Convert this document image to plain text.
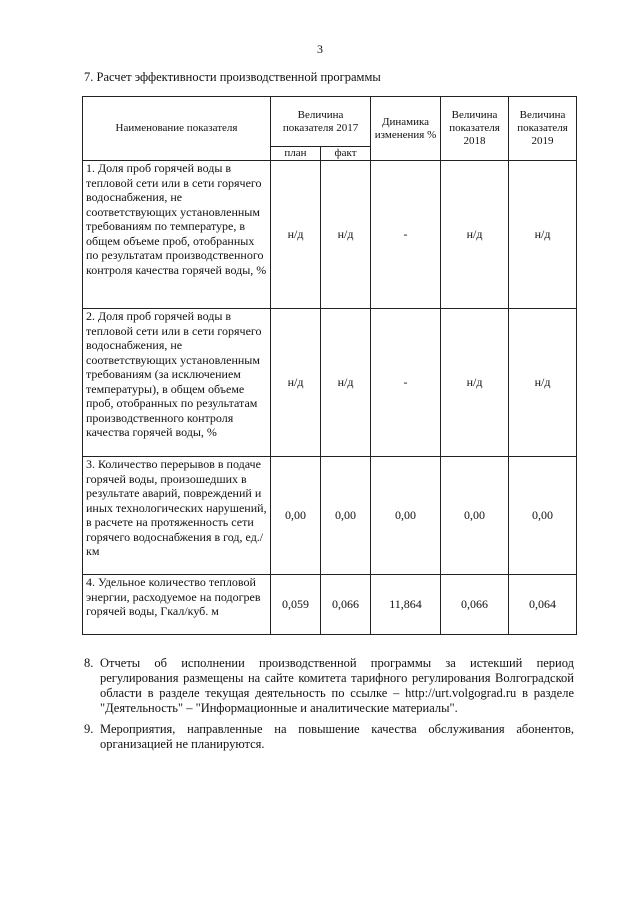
3
7. Расчет эффективности производственной программы
Наименование показателя	Величина показателя 2017		Динамика изменения %	Величина показателя 2018	Величина показателя 2019
	план	факт			
1. Доля проб горячей воды в тепловой сети или в сети горячего водоснабжения, не соответствующих установленным требованиям по температуре, в общем объеме проб, отобранных по результатам производственного контроля качества горячей воды, %	н/д	н/д	-	н/д	н/д
2. Доля проб горячей воды в тепловой сети или в сети горячего водоснабжения, не соответствующих установленным требованиям (за исключением температуры), в общем объеме проб, отобранных по результатам производственного контроля качества горячей воды, %	н/д	н/д	-	н/д	н/д
3. Количество перерывов в подаче горячей воды, произошедших в результате аварий, повреждений и иных технологических нарушений, в расчете на протяженность сети горячего водоснабжения в год, ед./км	0,00	0,00	0,00	0,00	0,00
4. Удельное количество тепловой энергии, расходуемое на подогрев горячей воды, Гкал/куб. м	0,059	0,066	11,864	0,066	0,064
8. Отчеты об исполнении производственной программы за истекший период регулирования размещены на сайте комитета тарифного регулирования Волгоградской области в разделе текущая деятельность по ссылке – http://urt.volgograd.ru в разделе "Деятельность" – "Информационные и аналитические материалы".
9. Мероприятия, направленные на повышение качества обслуживания абонентов, организацией не планируются.
